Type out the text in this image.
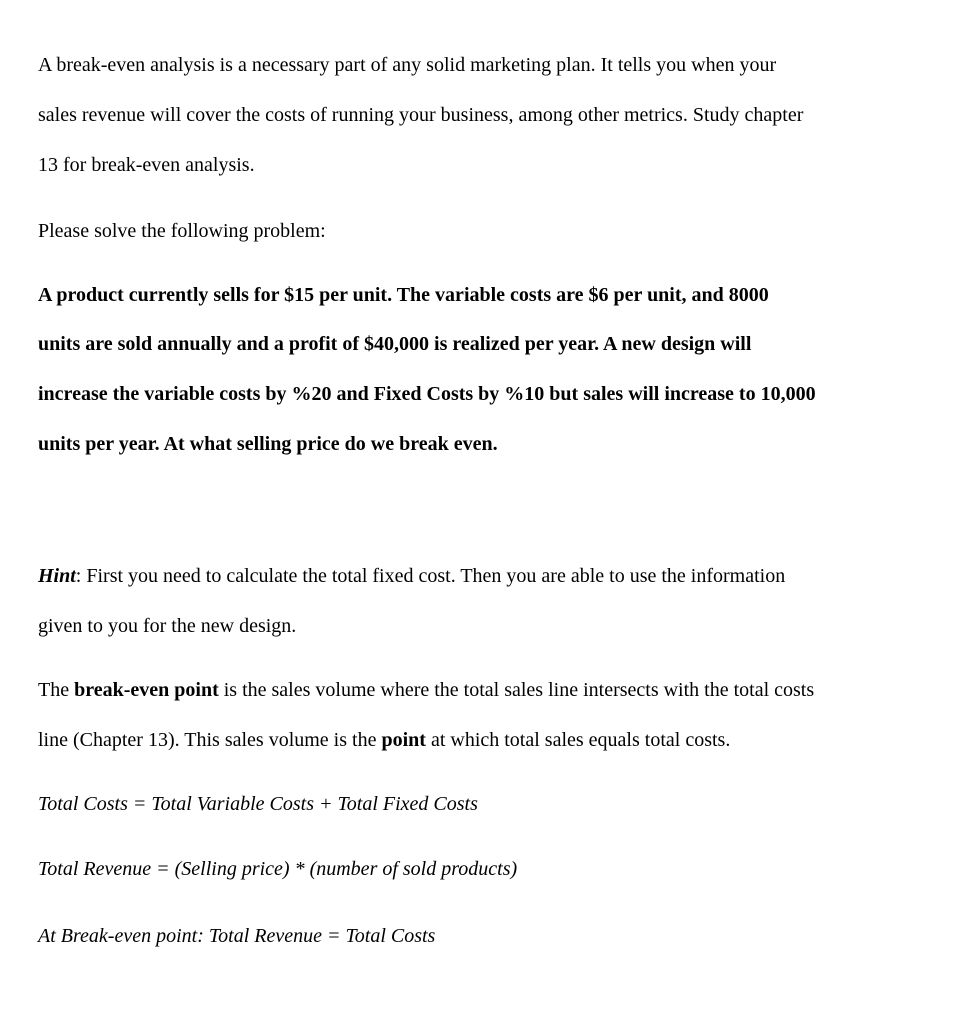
A break-even analysis is a necessary part of any solid marketing plan. It tells you when your
sales revenue will cover the costs of running your business, among other metrics. Study chapter
13 for break-even analysis.
Please solve the following problem:
A product currently sells for $15 per unit. The variable costs are $6 per unit, and 8000
units are sold annually and a profit of $40,000 is realized per year. A new design will
increase the variable costs by %20 and Fixed Costs by %10 but sales will increase to 10,000
units per year. At what selling price do we break even.
Hint: First you need to calculate the total fixed cost. Then you are able to use the information
given to you for the new design.
The break-even point is the sales volume where the total sales line intersects with the total costs
line (Chapter 13). This sales volume is the point at which total sales equals total costs.
Total Costs = Total Variable Costs + Total Fixed Costs
Total Revenue = (Selling price) * (number of sold products)
At Break-even point: Total Revenue = Total Costs
